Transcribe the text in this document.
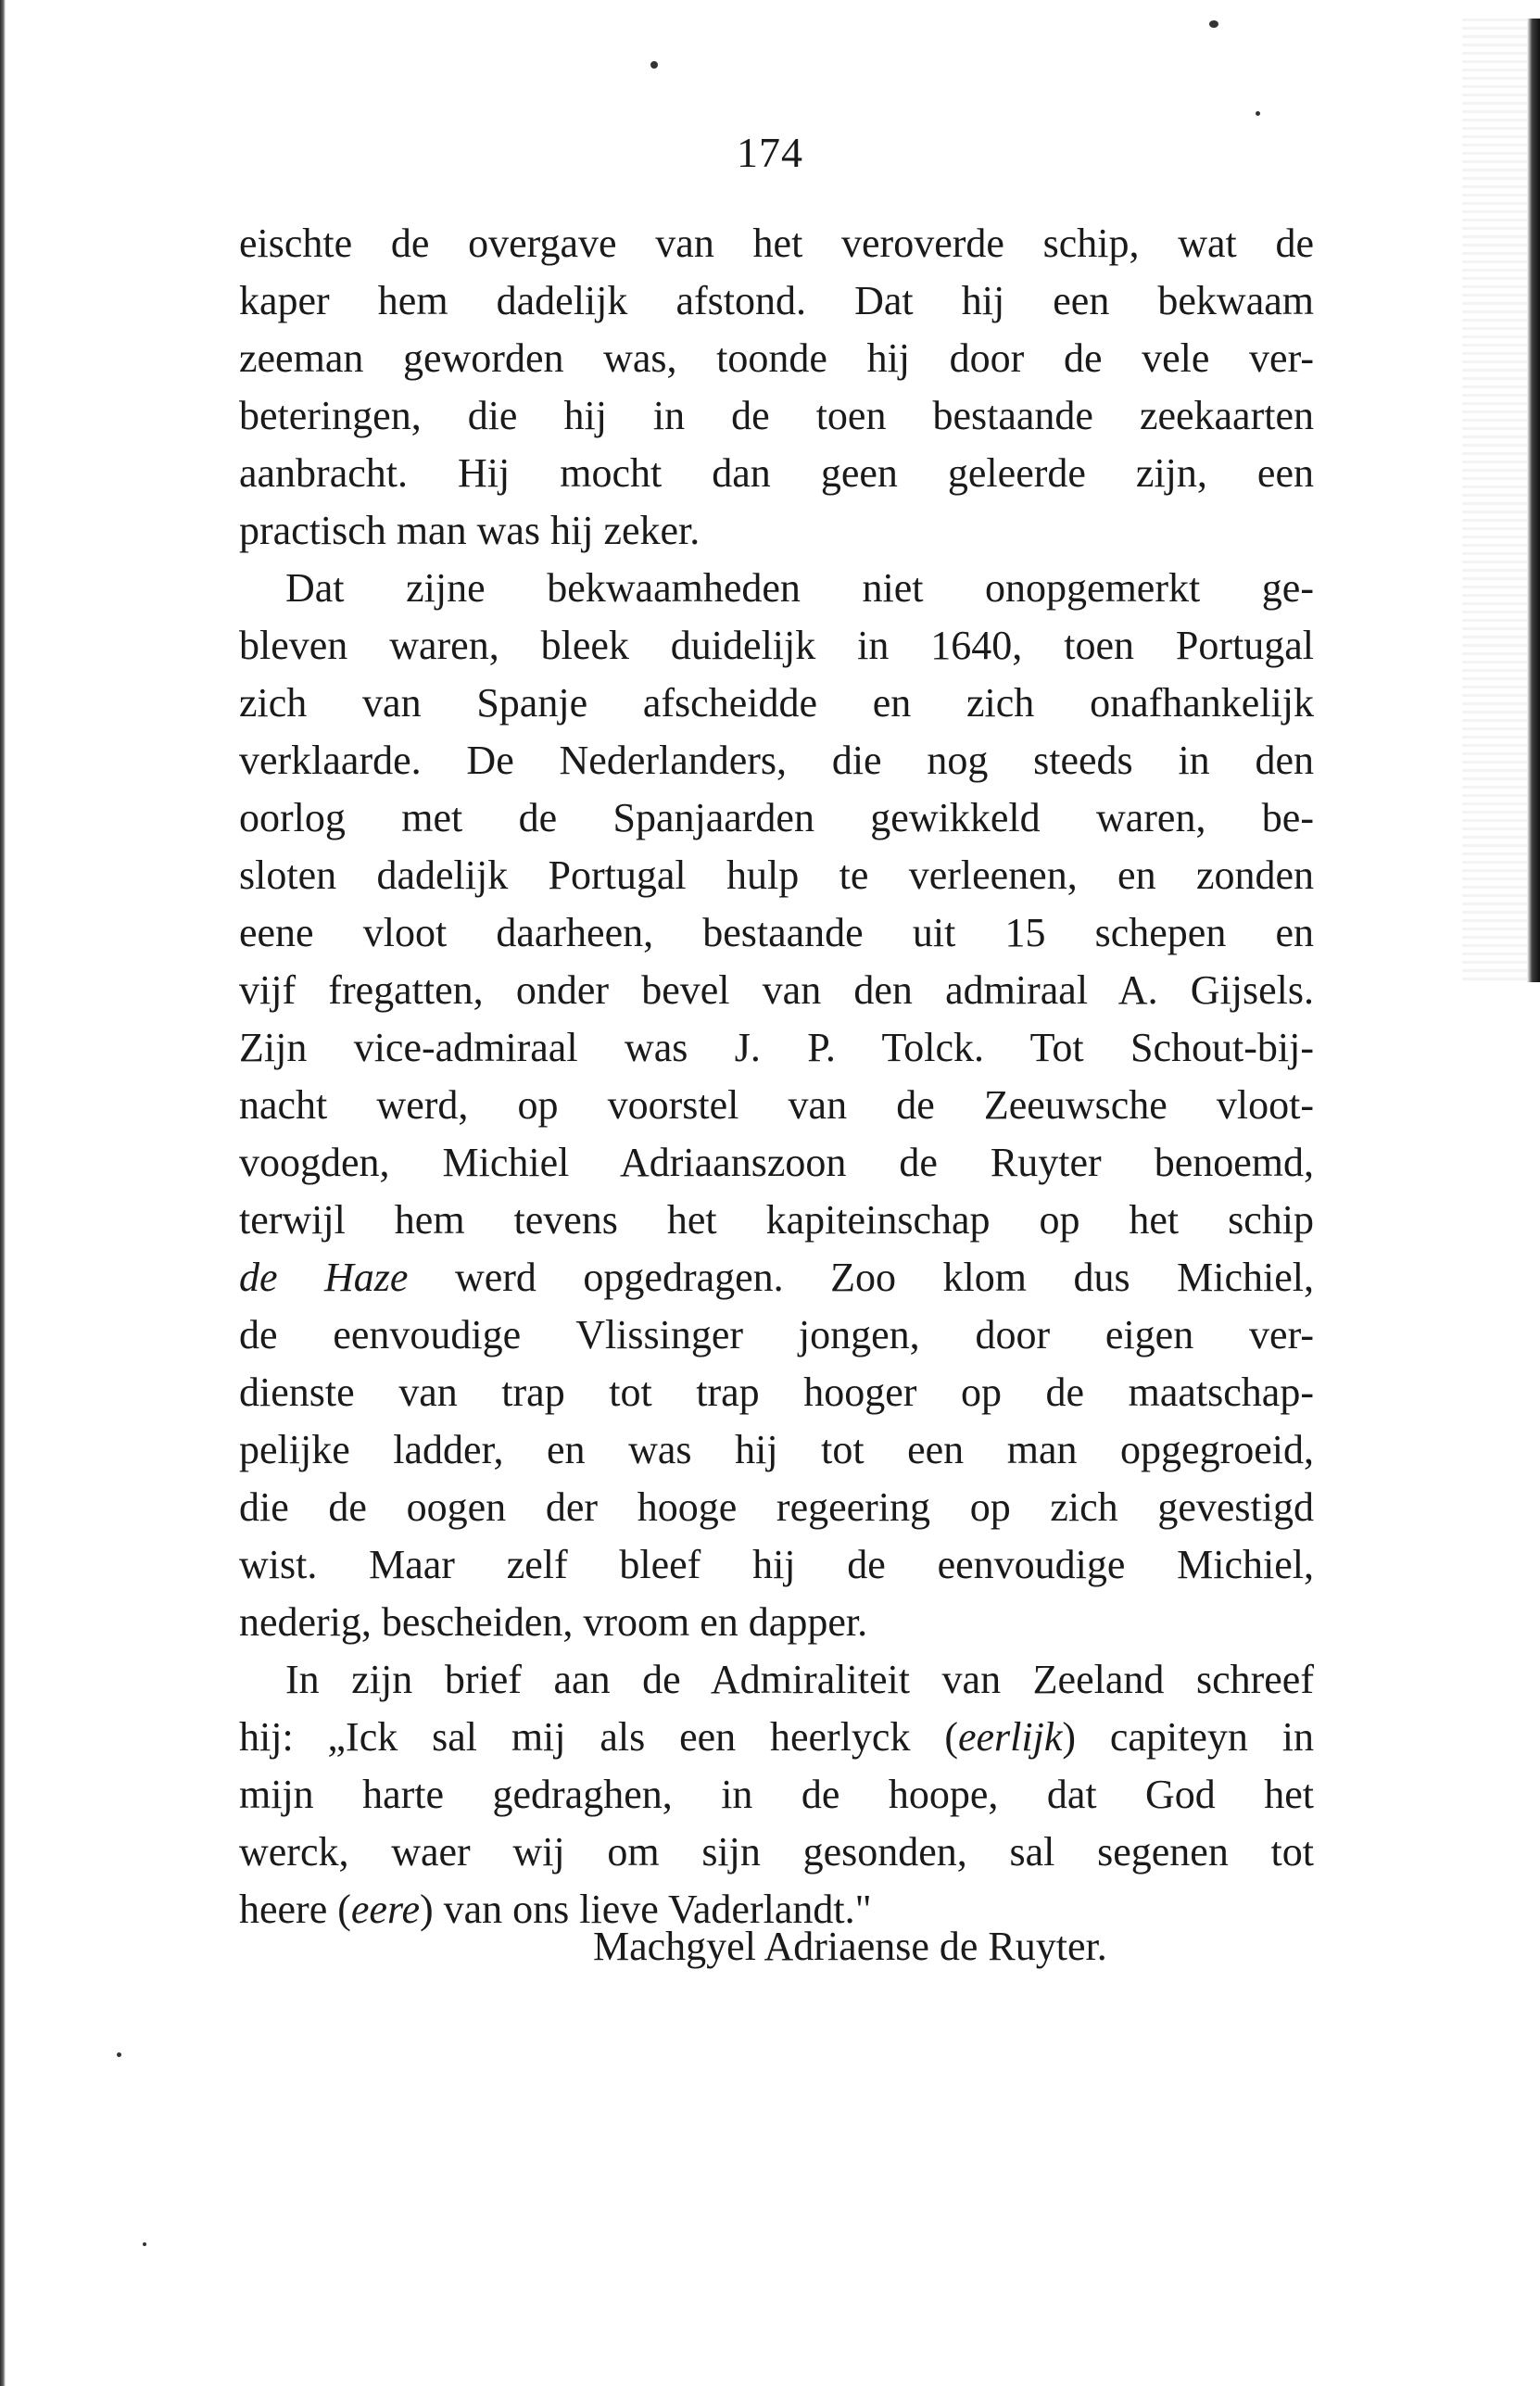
174
eischte de overgave van het veroverde schip, wat de
kaper hem dadelijk afstond. Dat hij een bekwaam
zeeman geworden was, toonde hij door de vele ver-
beteringen, die hij in de toen bestaande zeekaarten
aanbracht. Hij mocht dan geen geleerde zijn, een
practisch man was hij zeker.
Dat zijne bekwaamheden niet onopgemerkt ge-
bleven waren, bleek duidelijk in 1640, toen Portugal
zich van Spanje afscheidde en zich onafhankelijk
verklaarde. De Nederlanders, die nog steeds in den
oorlog met de Spanjaarden gewikkeld waren, be-
sloten dadelijk Portugal hulp te verleenen, en zonden
eene vloot daarheen, bestaande uit 15 schepen en
vijf fregatten, onder bevel van den admiraal A. Gijsels.
Zijn vice-admiraal was J. P. Tolck. Tot Schout-bij-
nacht werd, op voorstel van de Zeeuwsche vloot-
voogden, Michiel Adriaanszoon de Ruyter benoemd,
terwijl hem tevens het kapiteinschap op het schip
de Haze werd opgedragen. Zoo klom dus Michiel,
de eenvoudige Vlissinger jongen, door eigen ver-
dienste van trap tot trap hooger op de maatschap-
pelijke ladder, en was hij tot een man opgegroeid,
die de oogen der hooge regeering op zich gevestigd
wist. Maar zelf bleef hij de eenvoudige Michiel,
nederig, bescheiden, vroom en dapper.
In zijn brief aan de Admiraliteit van Zeeland schreef
hij: „Ick sal mij als een heerlyck (eerlijk) capiteyn in
mijn harte gedraghen, in de hoope, dat God het
werck, waer wij om sijn gesonden, sal segenen tot
heere (eere) van ons lieve Vaderlandt."
Machgyel Adriaense de Ruyter.
